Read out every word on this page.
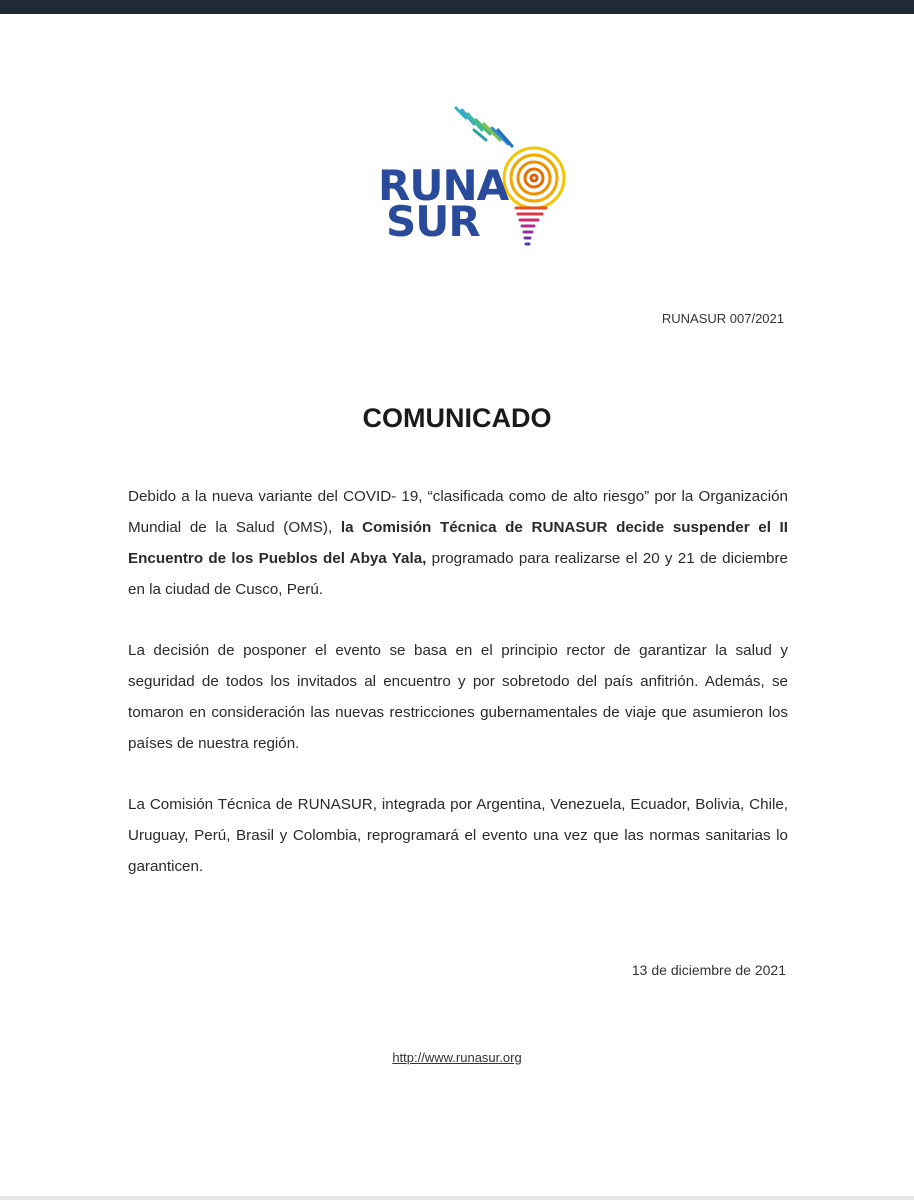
RUNA
SUR
RUNASUR 007/2021
COMUNICADO

Debido a la nueva variante del COVID- 19, “clasificada como de alto riesgo” por la Organización Mundial de la Salud (OMS), la Comisión Técnica de RUNASUR decide suspender el II Encuentro de los Pueblos del Abya Yala, programado para realizarse el 20 y 21 de diciembre en la ciudad de Cusco, Perú.

La decisión de posponer el evento se basa en el principio rector de garantizar la salud y seguridad de todos los invitados al encuentro y por sobretodo del país anfitrión. Además, se tomaron en consideración las nuevas restricciones gubernamentales de viaje que asumieron los países de nuestra región.

La Comisión Técnica de RUNASUR, integrada por Argentina, Venezuela, Ecuador, Bolivia, Chile, Uruguay, Perú, Brasil y Colombia, reprogramará el evento una vez que las normas sanitarias lo garanticen.

13 de diciembre de 2021
http://www.runasur.org
